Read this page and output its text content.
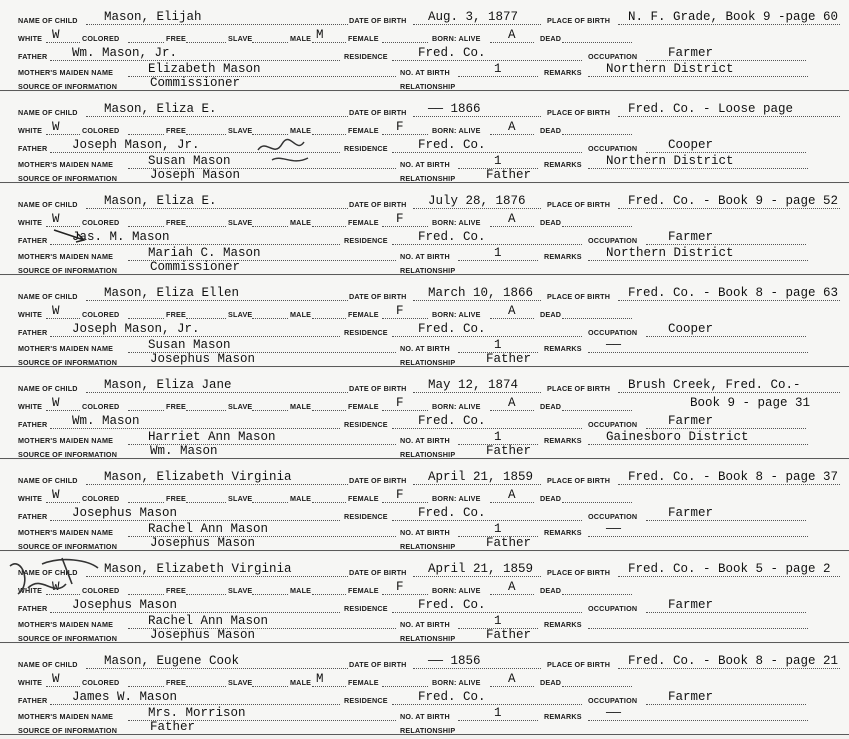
NAME OF CHILD Mason, Elijah	DATE OF BIRTH Aug. 3, 1877	PLACE OF BIRTH N. F. Grade, Book 9 -page 60
WHITE W	COLORED	FREE	SLAVE	MALE M	FEMALE	BORN: ALIVE A	DEAD
FATHER Wm. Mason, Jr.	RESIDENCE Fred. Co.	OCCUPATION Farmer
MOTHER'S MAIDEN NAME	Elizabeth Mason	NO. AT BIRTH	1	REMARKS Northern District
SOURCE OF INFORMATION	Commissioner	RELATIONSHIP
NAME OF CHILD Mason, Eliza E.	DATE OF BIRTH —— 1866	PLACE OF BIRTH Fred. Co. - Loose page
WHITE W	COLORED	FREE	SLAVE	MALE	FEMALE F	BORN: ALIVE A	DEAD
FATHER Joseph Mason, Jr.	RESIDENCE Fred. Co.	OCCUPATION Cooper
MOTHER'S MAIDEN NAME	Susan Mason	NO. AT BIRTH	1	REMARKS Northern District
SOURCE OF INFORMATION	Joseph Mason	RELATIONSHIP Father
NAME OF CHILD Mason, Eliza E.	DATE OF BIRTH July 28, 1876	PLACE OF BIRTH Fred. Co. - Book 9 - page 52
WHITE W	COLORED	FREE	SLAVE	MALE	FEMALE F	BORN: ALIVE A	DEAD
FATHER Jas. M. Mason	RESIDENCE Fred. Co.	OCCUPATION Farmer
MOTHER'S MAIDEN NAME	Mariah C. Mason	NO. AT BIRTH	1	REMARKS Northern District
SOURCE OF INFORMATION	Commissioner	RELATIONSHIP
NAME OF CHILD Mason, Eliza Ellen	DATE OF BIRTH March 10, 1866 PLACE OF BIRTH Fred. Co. - Book 8 - page 63
WHITE W	COLORED	FREE	SLAVE	MALE	FEMALE F	BORN: ALIVE A	DEAD
FATHER Joseph Mason, Jr.	RESIDENCE Fred. Co.	OCCUPATION Cooper
MOTHER'S MAIDEN NAME	Susan Mason	NO. AT BIRTH	1	REMARKS ——
SOURCE OF INFORMATION	Josephus Mason	RELATIONSHIP Father
NAME OF CHILD Mason, Eliza Jane	DATE OF BIRTH May 12, 1874	PLACE OF BIRTH Brush Creek, Fred. Co.-
WHITE W	COLORED	FREE	SLAVE	MALE	FEMALE F	BORN: ALIVE A	DEAD	Book 9 - page 31
FATHER Wm. Mason	RESIDENCE Fred. Co.	OCCUPATION Farmer
MOTHER'S MAIDEN NAME	Harriet Ann Mason	NO. AT BIRTH	1	REMARKS Gainesboro District
SOURCE OF INFORMATION	Wm. Mason	RELATIONSHIP Father
NAME OF CHILD Mason, Elizabeth Virginia	DATE OF BIRTH April 21, 1859 PLACE OF BIRTH Fred. Co. - Book 8 - page 37
WHITE W	COLORED	FREE	SLAVE	MALE	FEMALE F	BORN: ALIVE A	DEAD
FATHER Josephus Mason	RESIDENCE Fred. Co.	OCCUPATION Farmer
MOTHER'S MAIDEN NAME	Rachel Ann Mason	NO. AT BIRTH	1	REMARKS ——
SOURCE OF INFORMATION	Josephus Mason	RELATIONSHIP Father
NAME OF CHILD Mason, Elizabeth Virginia	DATE OF BIRTH April 21, 1859 PLACE OF BIRTH Fred. Co. - Book 5 - page 2
WHITE W	COLORED	FREE	SLAVE	MALE	FEMALE F	BORN: ALIVE A	DEAD
FATHER Josephus Mason	RESIDENCE Fred. Co.	OCCUPATION Farmer
MOTHER'S MAIDEN NAME	Rachel Ann Mason	NO. AT BIRTH	1	REMARKS
SOURCE OF INFORMATION	Josephus Mason	RELATIONSHIP Father
NAME OF CHILD Mason, Eugene Cook	DATE OF BIRTH —— 1856	PLACE OF BIRTH Fred. Co. - Book 8 - page 21
WHITE W	COLORED	FREE	SLAVE	MALE M	FEMALE	BORN: ALIVE A	DEAD
FATHER James W. Mason	RESIDENCE Fred. Co.	OCCUPATION Farmer
MOTHER'S MAIDEN NAME	Mrs. Morrison	NO. AT BIRTH	1	REMARKS ——
SOURCE OF INFORMATION	Father	RELATIONSHIP
